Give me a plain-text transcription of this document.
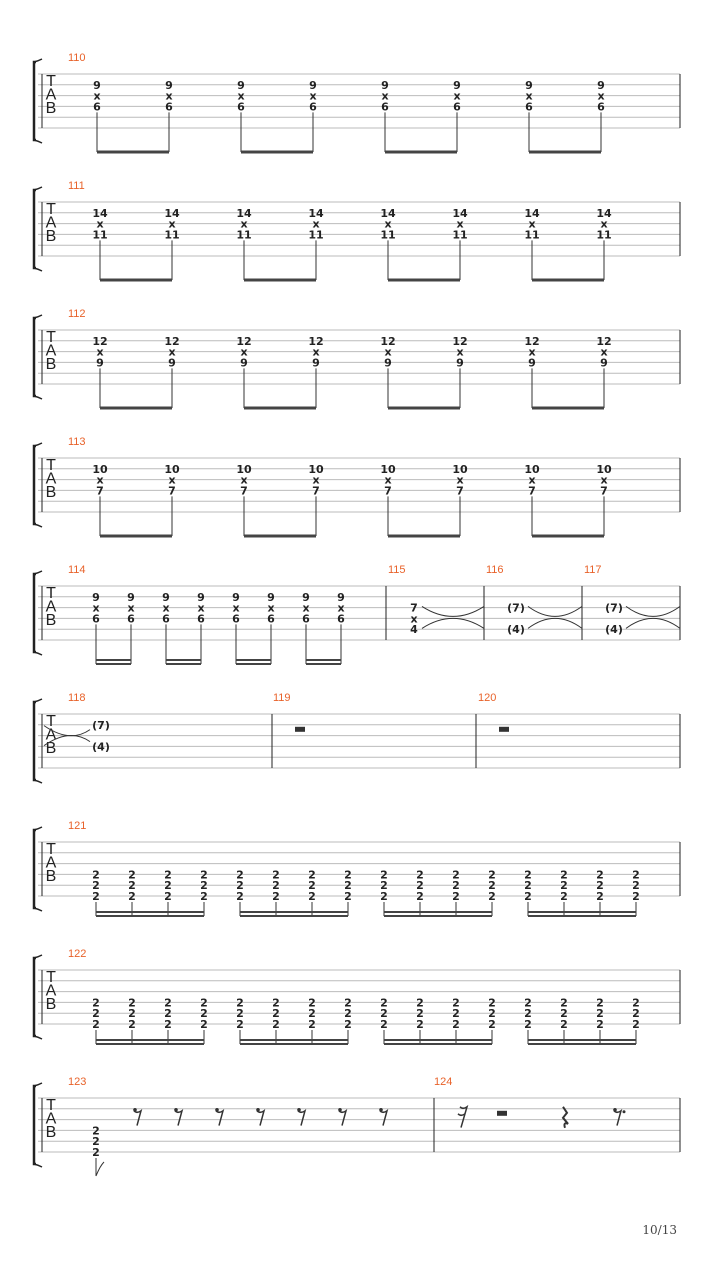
T
A
B
110
9
x
6
9
x
6
9
x
6
9
x
6
9
x
6
9
x
6
9
x
6
9
x
6
T
A
B
111
14
x
11
14
x
11
14
x
11
14
x
11
14
x
11
14
x
11
14
x
11
14
x
11
T
A
B
112
12
x
9
12
x
9
12
x
9
12
x
9
12
x
9
12
x
9
12
x
9
12
x
9
T
A
B
113
10
x
7
10
x
7
10
x
7
10
x
7
10
x
7
10
x
7
10
x
7
10
x
7
T
A
B
114	115	116	117
9
x
6
9
x
6
9
x
6
9
x
6
9
x
6
9
x
6
9
x
6
9
x
6
7
x
4
(7)
(4)
(7)
(4)
T
A
B
118	119	120
(7)
(4)
T
A
B
121
2
2
2
2
2
2
2
2
2
2
2
2
2
2
2
2
2
2
2
2
2
2
2
2
2
2
2
2
2
2
2
2
2
2
2
2
2
2
2
2
2
2
2
2
2
2
2
2
T
A
B
122
2
2
2
2
2
2
2
2
2
2
2
2
2
2
2
2
2
2
2
2
2
2
2
2
2
2
2
2
2
2
2
2
2
2
2
2
2
2
2
2
2
2
2
2
2
2
2
2
T
A
B
123	124
2
2
2
10/13
